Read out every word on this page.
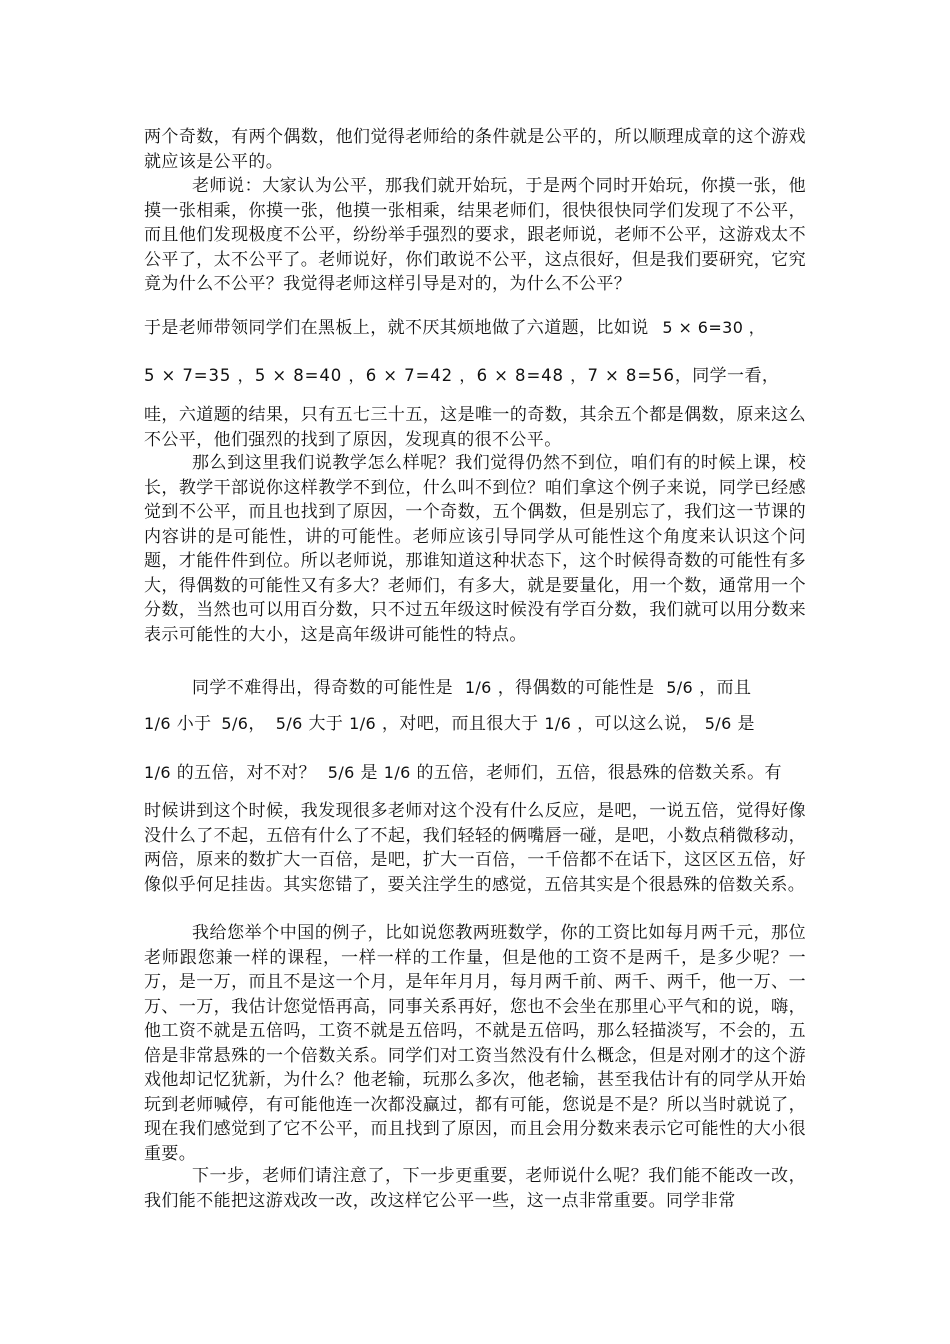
两个奇数，有两个偶数，他们觉得老师给的条件就是公平的，所以顺理成章的这个游戏就应该是公平的。
老师说：大家认为公平，那我们就开始玩，于是两个同时开始玩，你摸一张，他摸一张相乘，你摸一张，他摸一张相乘，结果老师们，很快很快同学们发现了不公平，而且他们发现极度不公平，纷纷举手强烈的要求，跟老师说，老师不公平，这游戏太不公平了，太不公平了。老师说好，你们敢说不公平，这点很好，但是我们要研究，它究竟为什么不公平？我觉得老师这样引导是对的，为什么不公平？
于是老师带领同学们在黑板上，就不厌其烦地做了六道题，比如说 5 × 6=30 ，
5 × 7=35 ，5 × 8=40 ，6 × 7=42 ，6 × 8=48 ，7 × 8=56，同学一看，
哇，六道题的结果，只有五七三十五，这是唯一的奇数，其余五个都是偶数，原来这么不公平，他们强烈的找到了原因，发现真的很不公平。
那么到这里我们说教学怎么样呢？我们觉得仍然不到位，咱们有的时候上课，校长，教学干部说你这样教学不到位，什么叫不到位？咱们拿这个例子来说，同学已经感觉到不公平，而且也找到了原因，一个奇数，五个偶数，但是别忘了，我们这一节课的内容讲的是可能性，讲的可能性。老师应该引导同学从可能性这个角度来认识这个问题，才能件件到位。所以老师说，那谁知道这种状态下，这个时候得奇数的可能性有多大，得偶数的可能性又有多大？老师们，有多大，就是要量化，用一个数，通常用一个分数，当然也可以用百分数，只不过五年级这时候没有学百分数，我们就可以用分数来表示可能性的大小，这是高年级讲可能性的特点。
同学不难得出，得奇数的可能性是 1/6 ，得偶数的可能性是 5/6 ，而且
1/6 小于 5/6， 5/6 大于 1/6 ，对吧，而且很大于 1/6 ，可以这么说， 5/6 是
1/6 的五倍，对不对？ 5/6 是 1/6 的五倍，老师们，五倍，很悬殊的倍数关系。有
时候讲到这个时候，我发现很多老师对这个没有什么反应，是吧，一说五倍，觉得好像没什么了不起，五倍有什么了不起，我们轻轻的俩嘴唇一碰，是吧，小数点稍微移动，两倍，原来的数扩大一百倍，是吧，扩大一百倍，一千倍都不在话下，这区区五倍，好像似乎何足挂齿。其实您错了，要关注学生的感觉，五倍其实是个很悬殊的倍数关系。
我给您举个中国的例子，比如说您教两班数学，你的工资比如每月两千元，那位老师跟您兼一样的课程，一样一样的工作量，但是他的工资不是两千，是多少呢？一万，是一万，而且不是这一个月，是年年月月，每月两千前、两千、两千，他一万、一万、一万，我估计您觉悟再高，同事关系再好，您也不会坐在那里心平气和的说，嗨，他工资不就是五倍吗，工资不就是五倍吗，不就是五倍吗，那么轻描淡写，不会的，五倍是非常悬殊的一个倍数关系。同学们对工资当然没有什么概念，但是对刚才的这个游戏他却记忆犹新，为什么？他老输，玩那么多次，他老输，甚至我估计有的同学从开始玩到老师喊停，有可能他连一次都没赢过，都有可能，您说是不是？所以当时就说了，现在我们感觉到了它不公平，而且找到了原因，而且会用分数来表示它可能性的大小很重要。
下一步，老师们请注意了，下一步更重要，老师说什么呢？我们能不能改一改，我们能不能把这游戏改一改，改这样它公平一些，这一点非常重要。同学非常
